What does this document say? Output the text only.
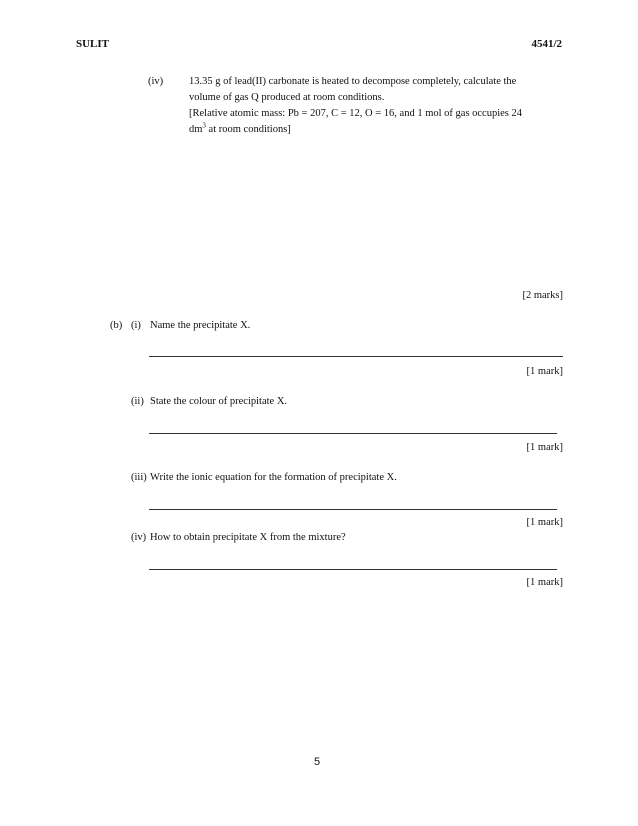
SULIT	4541/2
(iv) 13.35 g of lead(II) carbonate is heated to decompose completely, calculate the
volume of gas Q produced at room conditions.
[Relative atomic mass: Pb = 207, C = 12, O = 16, and 1 mol of gas occupies 24
$dm^3$ at room conditions]
[2 marks]
(b) (i) Name the precipitate X.
[1 mark]
(ii) State the colour of precipitate X.
[1 mark]
(iii) Write the ionic equation for the formation of precipitate X.
[1 mark]
(iv) How to obtain precipitate X from the mixture?
[1 mark]
5
